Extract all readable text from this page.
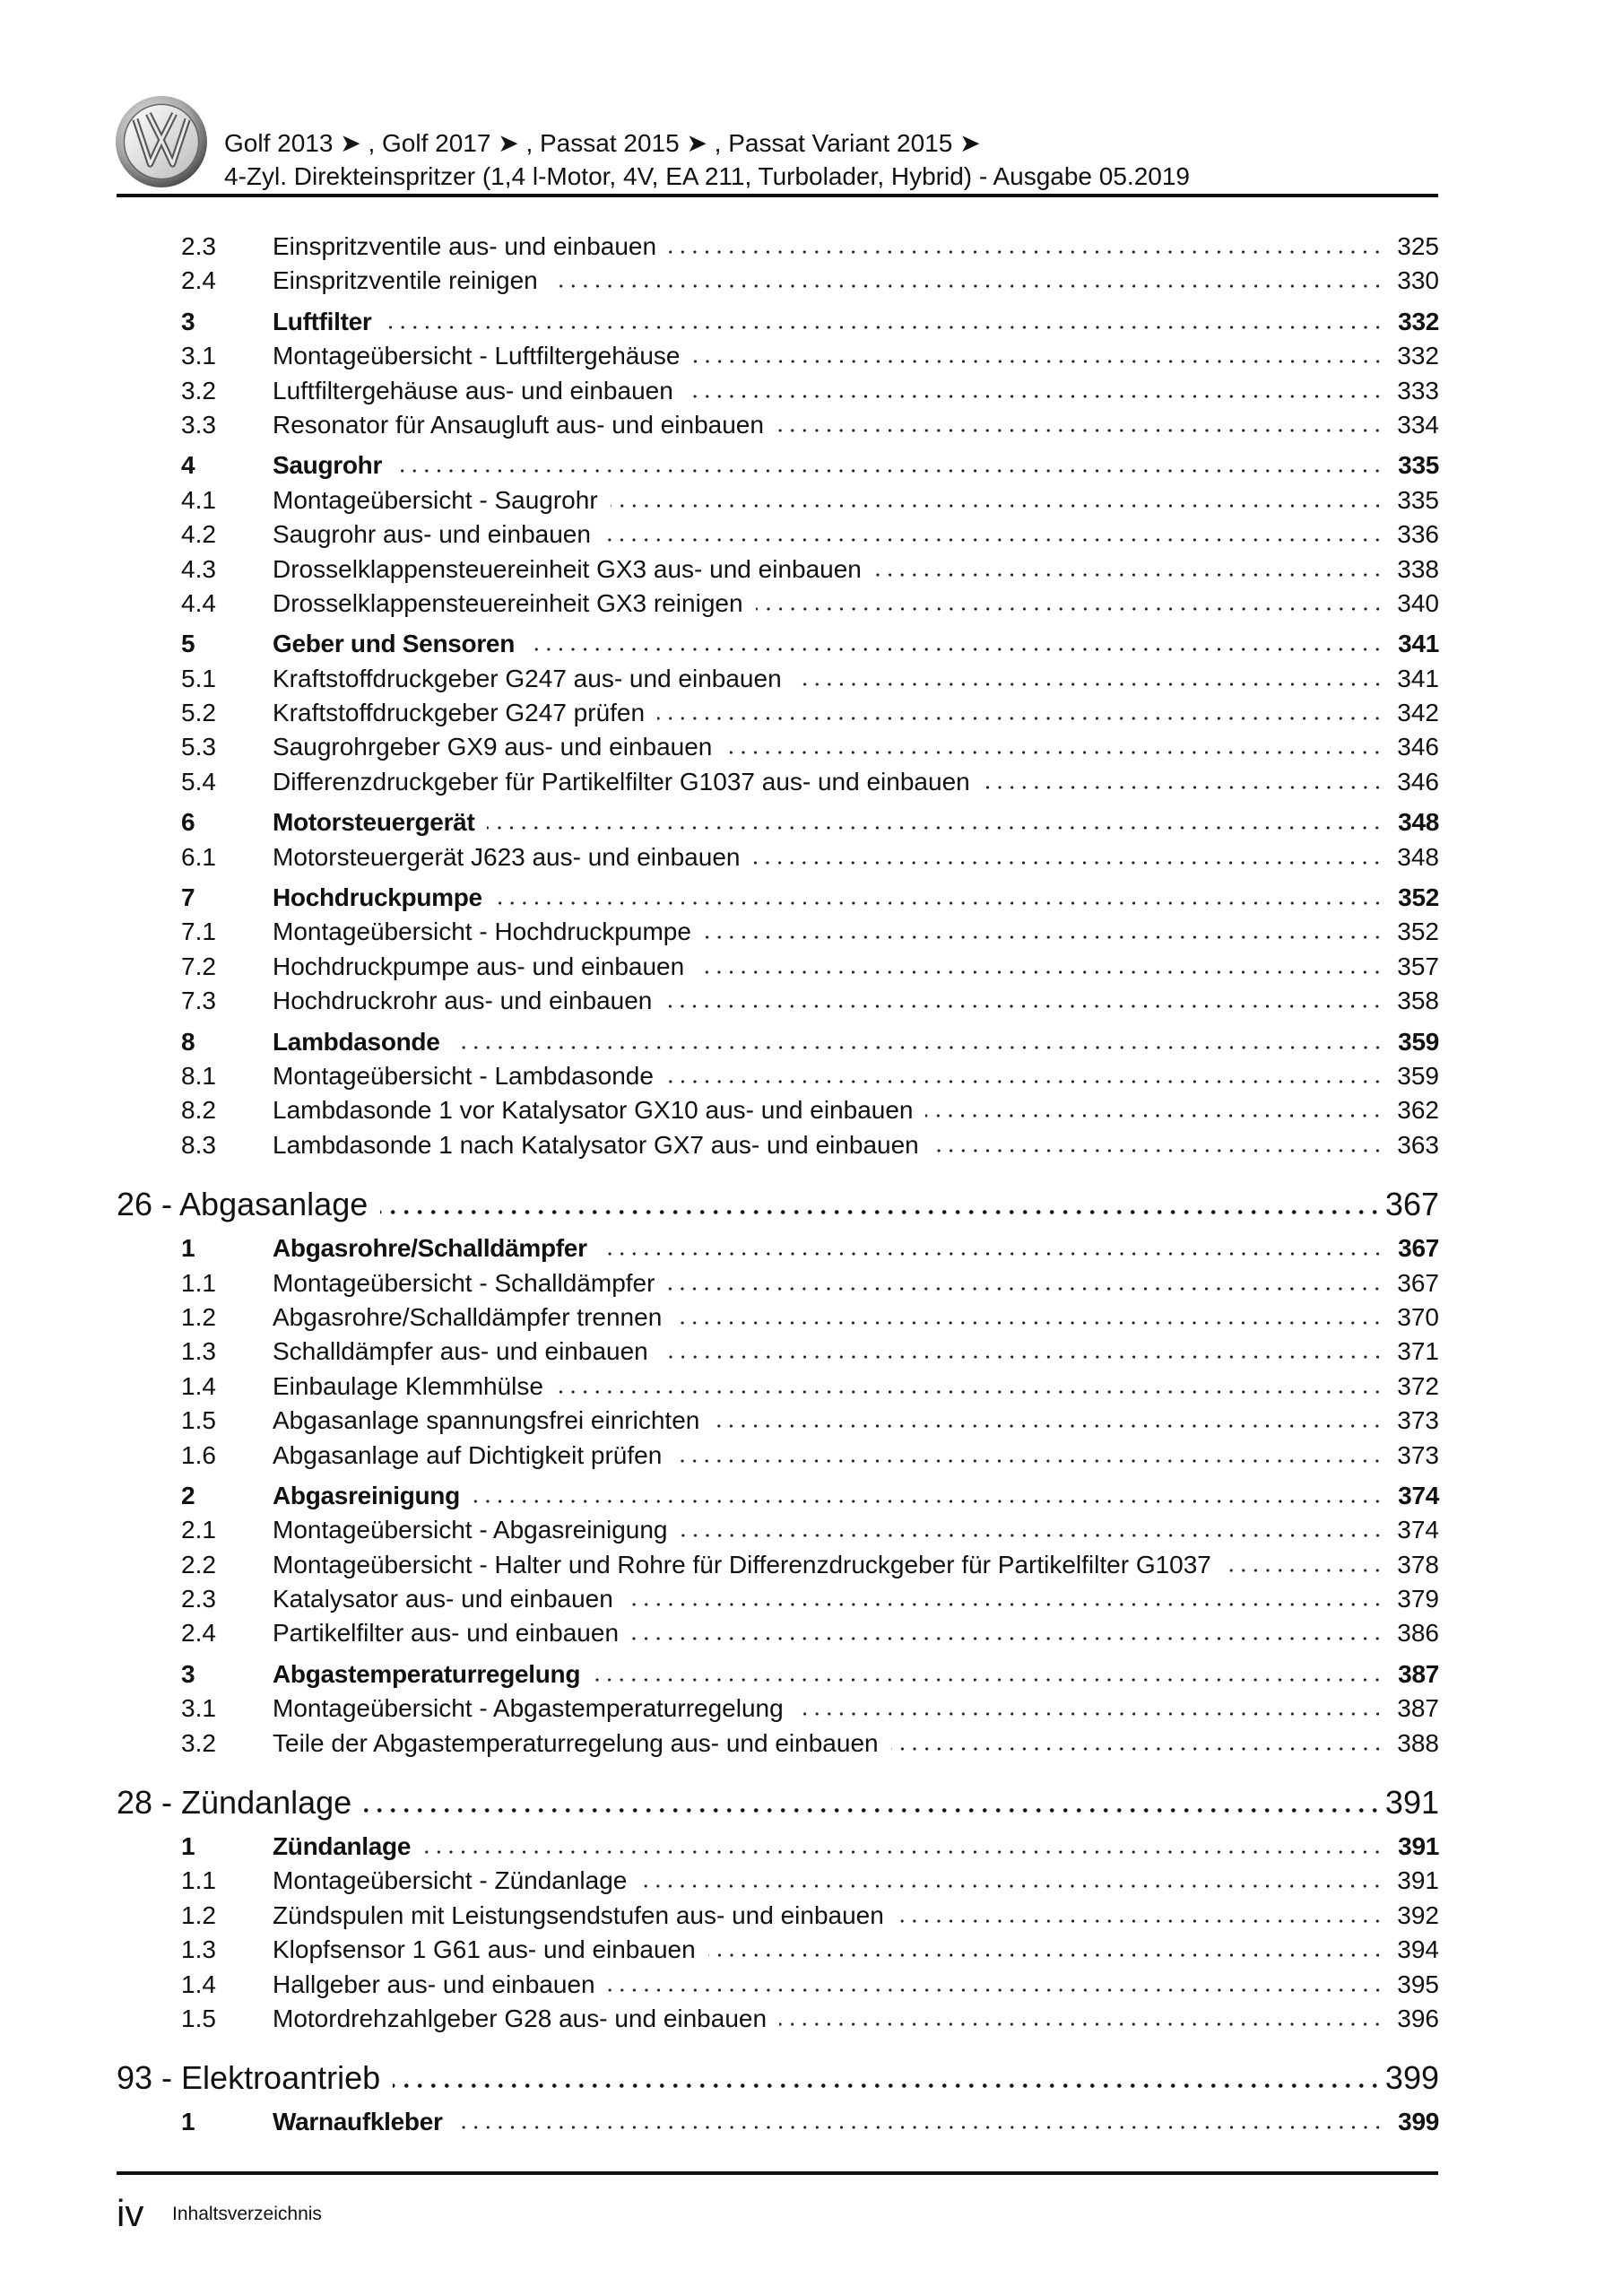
Golf 2013 ➤ , Golf 2017 ➤ , Passat 2015 ➤ , Passat Variant 2015 ➤
4-Zyl. Direkteinspritzer (1,4 l-Motor, 4V, EA 211, Turbolader, Hybrid) - Ausgabe 05.2019
2.3	Einspritzventile aus- und einbauen	325
2.4	Einspritzventile reinigen	330
3	Luftfilter	332
3.1	Montageübersicht - Luftfiltergehäuse	332
3.2	Luftfiltergehäuse aus- und einbauen	333
3.3	Resonator für Ansaugluft aus- und einbauen	334
4	Saugrohr	335
4.1	Montageübersicht - Saugrohr	335
4.2	Saugrohr aus- und einbauen	336
4.3	Drosselklappensteuereinheit GX3 aus- und einbauen	338
4.4	Drosselklappensteuereinheit GX3 reinigen	340
5	Geber und Sensoren	341
5.1	Kraftstoffdruckgeber G247 aus- und einbauen	341
5.2	Kraftstoffdruckgeber G247 prüfen	342
5.3	Saugrohrgeber GX9 aus- und einbauen	346
5.4	Differenzdruckgeber für Partikelfilter G1037 aus- und einbauen	346
6	Motorsteuergerät	348
6.1	Motorsteuergerät J623 aus- und einbauen	348
7	Hochdruckpumpe	352
7.1	Montageübersicht - Hochdruckpumpe	352
7.2	Hochdruckpumpe aus- und einbauen	357
7.3	Hochdruckrohr aus- und einbauen	358
8	Lambdasonde	359
8.1	Montageübersicht - Lambdasonde	359
8.2	Lambdasonde 1 vor Katalysator GX10 aus- und einbauen	362
8.3	Lambdasonde 1 nach Katalysator GX7 aus- und einbauen	363
26 - Abgasanlage	367
1	Abgasrohre/Schalldämpfer	367
1.1	Montageübersicht - Schalldämpfer	367
1.2	Abgasrohre/Schalldämpfer trennen	370
1.3	Schalldämpfer aus- und einbauen	371
1.4	Einbaulage Klemmhülse	372
1.5	Abgasanlage spannungsfrei einrichten	373
1.6	Abgasanlage auf Dichtigkeit prüfen	373
2	Abgasreinigung	374
2.1	Montageübersicht - Abgasreinigung	374
2.2	Montageübersicht - Halter und Rohre für Differenzdruckgeber für Partikelfilter G1037	378
2.3	Katalysator aus- und einbauen	379
2.4	Partikelfilter aus- und einbauen	386
3	Abgastemperaturregelung	387
3.1	Montageübersicht - Abgastemperaturregelung	387
3.2	Teile der Abgastemperaturregelung aus- und einbauen	388
28 - Zündanlage	391
1	Zündanlage	391
1.1	Montageübersicht - Zündanlage	391
1.2	Zündspulen mit Leistungsendstufen aus- und einbauen	392
1.3	Klopfsensor 1 G61 aus- und einbauen	394
1.4	Hallgeber aus- und einbauen	395
1.5	Motordrehzahlgeber G28 aus- und einbauen	396
93 - Elektroantrieb	399
1	Warnaufkleber	399
iv Inhaltsverzeichnis
